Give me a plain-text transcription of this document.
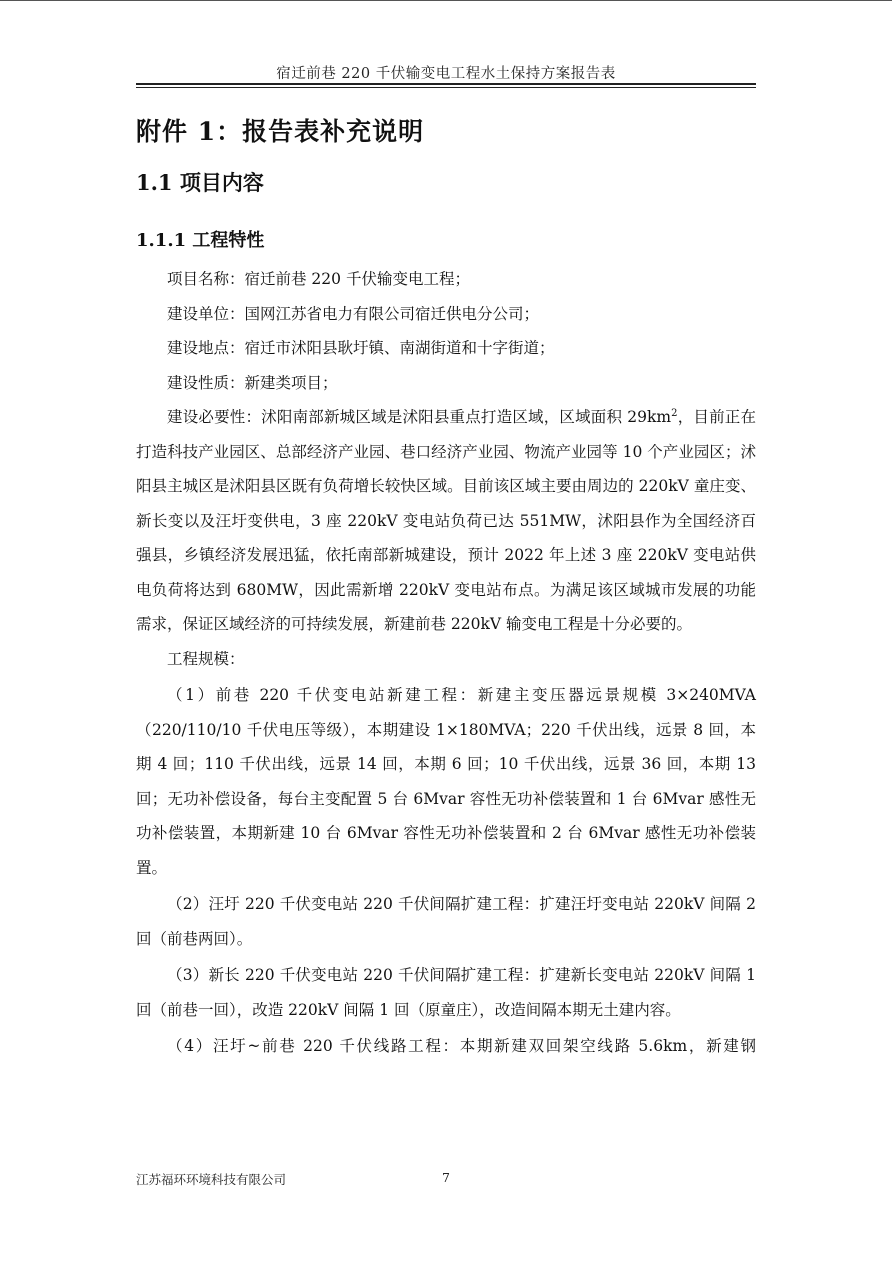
宿迁前巷 220 千伏输变电工程水土保持方案报告表
附件 1：报告表补充说明
1.1 项目内容
1.1.1 工程特性

项目名称：宿迁前巷 220 千伏输变电工程；

建设单位：国网江苏省电力有限公司宿迁供电分公司；

建设地点：宿迁市沭阳县耿圩镇、南湖街道和十字街道；

建设性质：新建类项目；

建设必要性：沭阳南部新城区域是沭阳县重点打造区域，区域面积 $29km^2$，目前正在打造科技产业园区、总部经济产业园、巷口经济产业园、物流产业园等 10 个产业园区；沭阳县主城区是沭阳县区既有负荷增长较快区域。目前该区域主要由周边的 220kV 童庄变、新长变以及汪圩变供电，3 座 220kV 变电站负荷已达 551MW，沭阳县作为全国经济百强县，乡镇经济发展迅猛，依托南部新城建设，预计 2022 年上述 3 座 220kV 变电站供电负荷将达到 680MW，因此需新增 220kV 变电站布点。为满足该区域城市发展的功能需求，保证区域经济的可持续发展，新建前巷 220kV 输变电工程是十分必要的。

工程规模：

（1）前巷 220 千伏变电站新建工程：新建主变压器远景规模 3×240MVA（220/110/10 千伏电压等级），本期建设 1×180MVA；220 千伏出线，远景 8 回，本期 4 回；110 千伏出线，远景 14 回，本期 6 回；10 千伏出线，远景 36 回，本期 13 回；无功补偿设备，每台主变配置 5 台 6Mvar 容性无功补偿装置和 1 台 6Mvar 感性无功补偿装置，本期新建 10 台 6Mvar 容性无功补偿装置和 2 台 6Mvar 感性无功补偿装置。

（2）汪圩 220 千伏变电站 220 千伏间隔扩建工程：扩建汪圩变电站 220kV 间隔 2 回（前巷两回）。

（3）新长 220 千伏变电站 220 千伏间隔扩建工程：扩建新长变电站 220kV 间隔 1 回（前巷一回），改造 220kV 间隔 1 回（原童庄），改造间隔本期无土建内容。

（4）汪圩~前巷 220 千伏线路工程：本期新建双回架空线路 5.6km，新建钢

江苏福环环境科技有限公司	7
